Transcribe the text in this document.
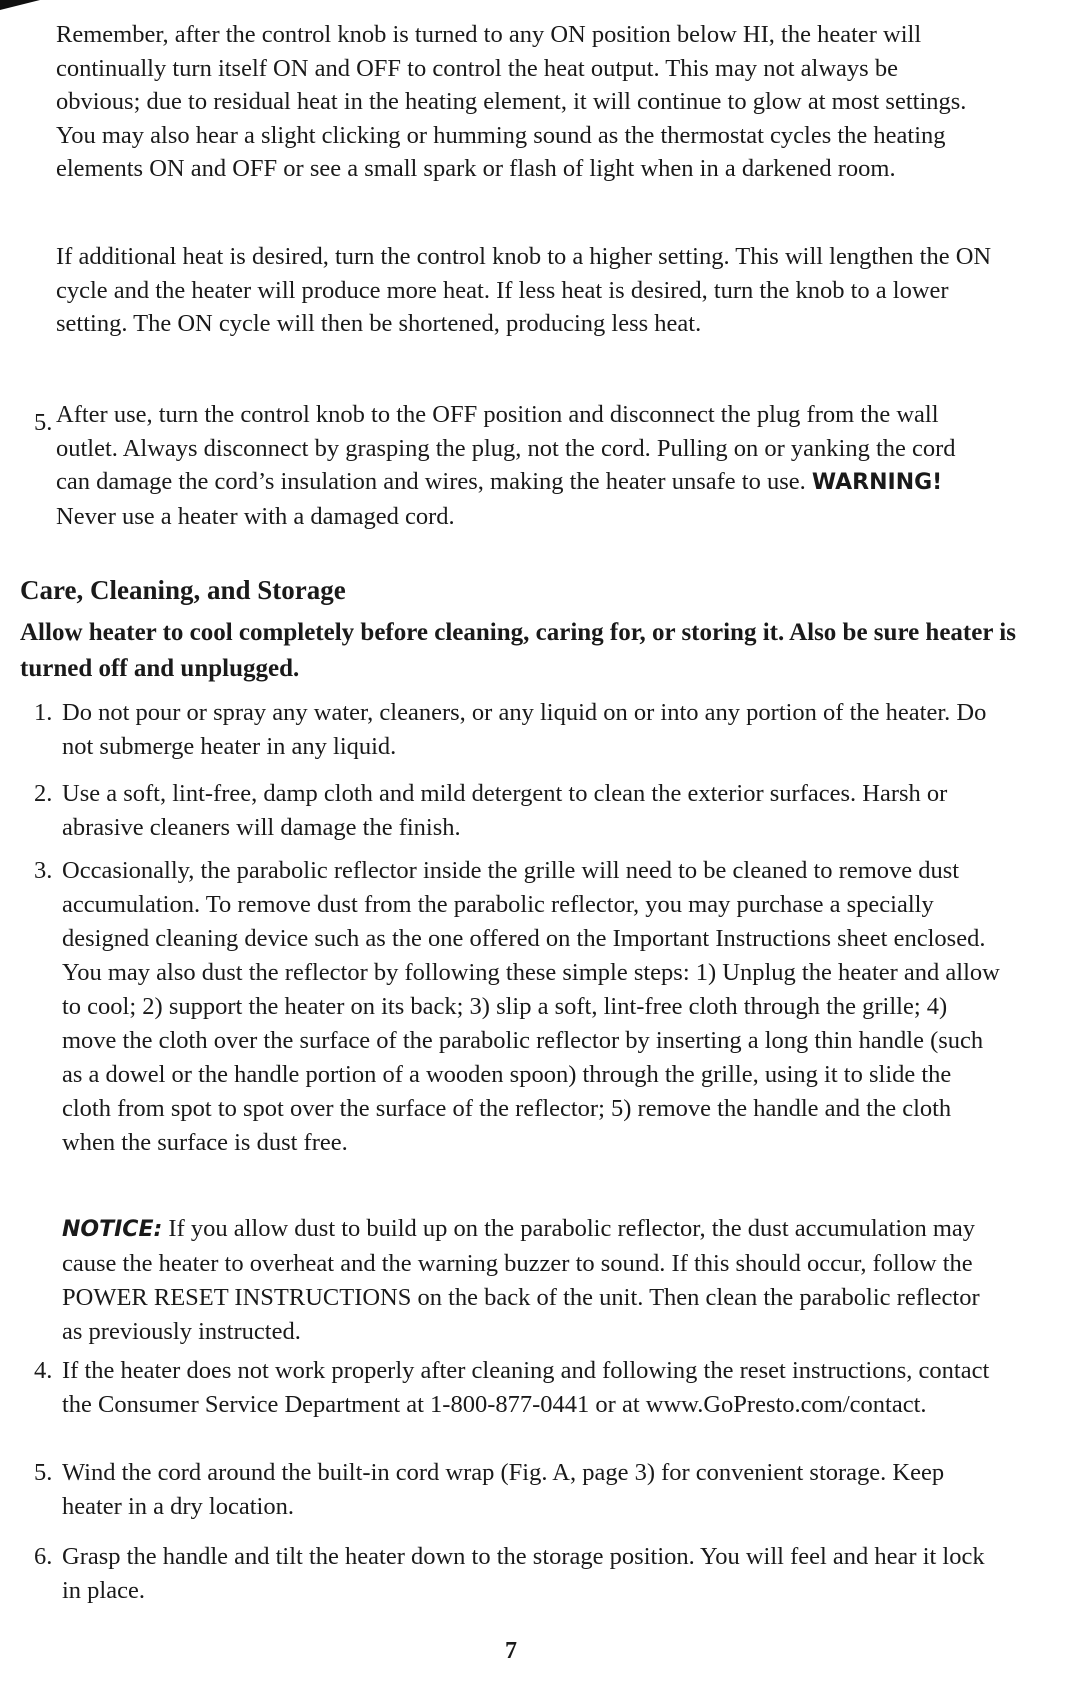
Remember, after the control knob is turned to any ON position below HI, the heater will continually turn itself ON and OFF to control the heat output. This may not always be obvious; due to residual heat in the heating element, it will continue to glow at most settings. You may also hear a slight clicking or humming sound as the thermostat cycles the heating elements ON and OFF or see a small spark or flash of light when in a darkened room.

If additional heat is desired, turn the control knob to a higher setting. This will lengthen the ON cycle and the heater will produce more heat. If less heat is desired, turn the knob to a lower setting. The ON cycle will then be shortened, producing less heat.

5. After use, turn the control knob to the OFF position and disconnect the plug from the wall outlet. Always disconnect by grasping the plug, not the cord. Pulling on or yanking the cord can damage the cord’s insulation and wires, making the heater unsafe to use. WARNING! Never use a heater with a damaged cord.

Care, Cleaning, and Storage

Allow heater to cool completely before cleaning, caring for, or storing it. Also be sure heater is turned off and unplugged.

1. Do not pour or spray any water, cleaners, or any liquid on or into any portion of the heater. Do not submerge heater in any liquid.

2. Use a soft, lint-free, damp cloth and mild detergent to clean the exterior surfaces. Harsh or abrasive cleaners will damage the finish.

3. Occasionally, the parabolic reflector inside the grille will need to be cleaned to remove dust accumulation. To remove dust from the parabolic reflector, you may purchase a specially designed cleaning device such as the one offered on the Important Instructions sheet enclosed. You may also dust the reflector by following these simple steps: 1) Unplug the heater and allow to cool; 2) support the heater on its back; 3) slip a soft, lint-free cloth through the grille; 4) move the cloth over the surface of the parabolic reflector by inserting a long thin handle (such as a dowel or the handle portion of a wooden spoon) through the grille, using it to slide the cloth from spot to spot over the surface of the reflector; 5) remove the handle and the cloth when the surface is dust free.

NOTICE: If you allow dust to build up on the parabolic reflector, the dust accumulation may cause the heater to overheat and the warning buzzer to sound. If this should occur, follow the POWER RESET INSTRUCTIONS on the back of the unit. Then clean the parabolic reflector as previously instructed.

4. If the heater does not work properly after cleaning and following the reset instructions, contact the Consumer Service Department at 1-800-877-0441 or at www.GoPresto.com/contact.

5. Wind the cord around the built-in cord wrap (Fig. A, page 3) for convenient storage. Keep heater in a dry location.

6. Grasp the handle and tilt the heater down to the storage position. You will feel and hear it lock in place.

7
